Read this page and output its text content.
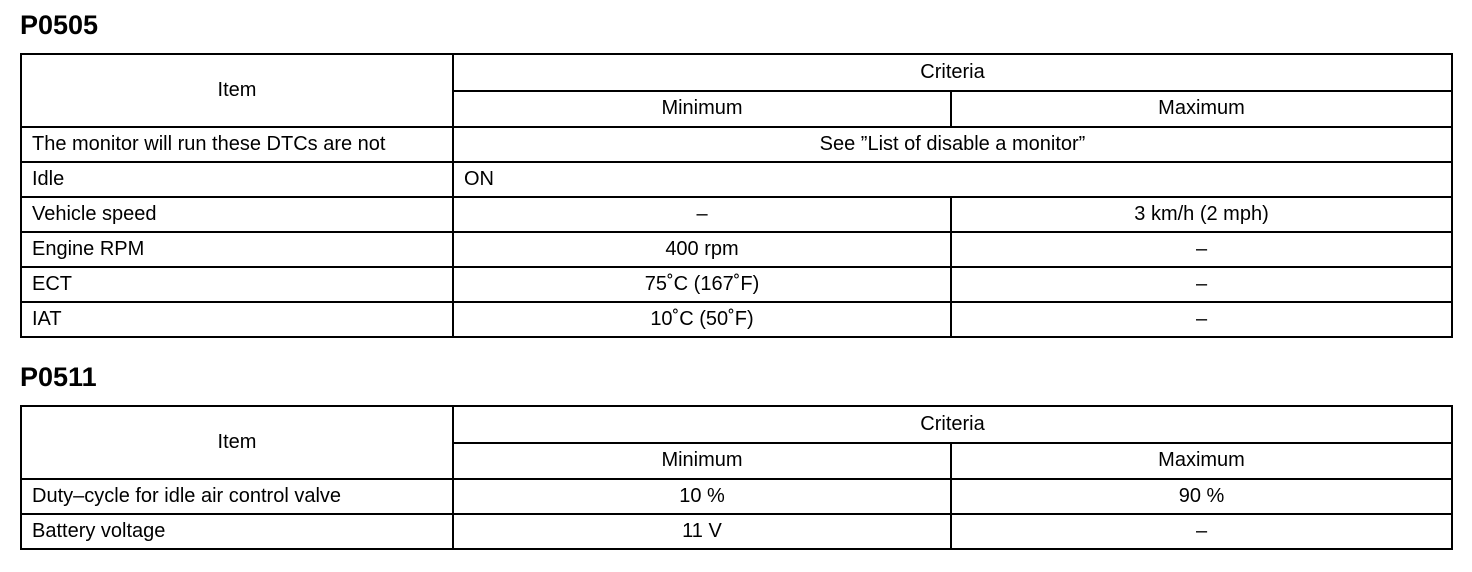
P0505
Item	Criteria	
	Minimum	Maximum
The monitor will run these DTCs are not	See ”List of disable a monitor”	
Idle	ON	
Vehicle speed	–	3 km/h (2 mph)
Engine RPM	400 rpm	–
ECT	75˚C (167˚F)	–
IAT	10˚C (50˚F)	–
P0511
Item	Criteria	
	Minimum	Maximum
Duty–cycle for idle air control valve	10 %	90 %
Battery voltage	11 V	–
